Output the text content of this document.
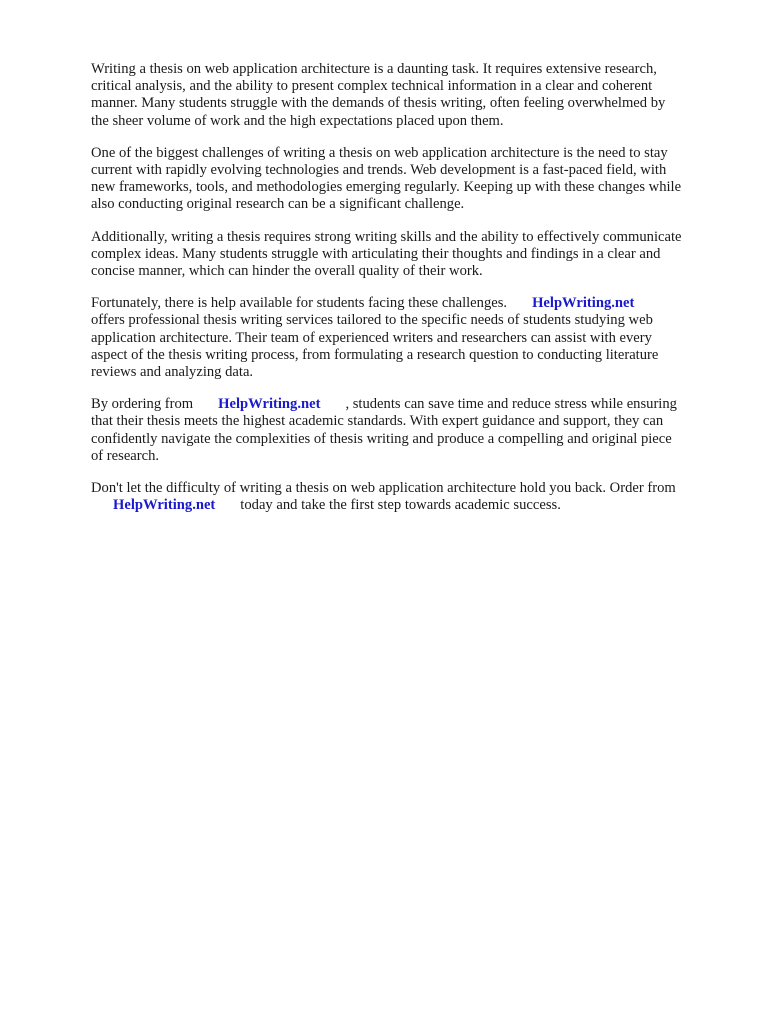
Writing a thesis on web application architecture is a daunting task. It requires extensive research,
critical analysis, and the ability to present complex technical information in a clear and coherent
manner. Many students struggle with the demands of thesis writing, often feeling overwhelmed by
the sheer volume of work and the high expectations placed upon them.

One of the biggest challenges of writing a thesis on web application architecture is the need to stay
current with rapidly evolving technologies and trends. Web development is a fast-paced field, with
new frameworks, tools, and methodologies emerging regularly. Keeping up with these changes while
also conducting original research can be a significant challenge.

Additionally, writing a thesis requires strong writing skills and the ability to effectively communicate
complex ideas. Many students struggle with articulating their thoughts and findings in a clear and
concise manner, which can hinder the overall quality of their work.

Fortunately, there is help available for students facing these challenges. HelpWriting.net
offers professional thesis writing services tailored to the specific needs of students studying web
application architecture. Their team of experienced writers and researchers can assist with every
aspect of the thesis writing process, from formulating a research question to conducting literature
reviews and analyzing data.

By ordering from HelpWriting.net , students can save time and reduce stress while ensuring
that their thesis meets the highest academic standards. With expert guidance and support, they can
confidently navigate the complexities of thesis writing and produce a compelling and original piece
of research.

Don't let the difficulty of writing a thesis on web application architecture hold you back. Order from
HelpWriting.net today and take the first step towards academic success.
